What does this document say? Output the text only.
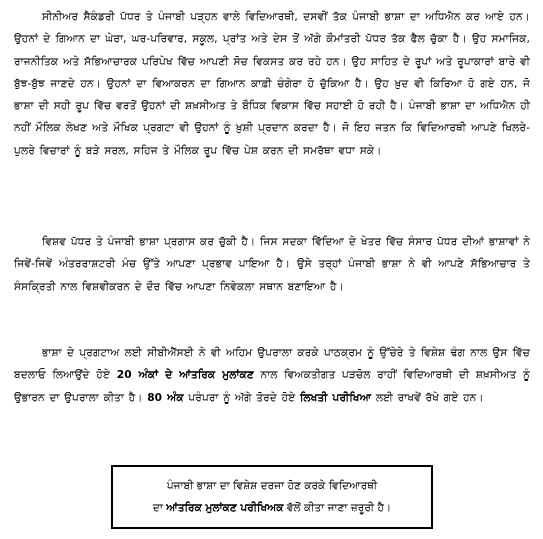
ਸੀਨੀਅਰ ਸੈਕੰਡਰੀ ਪੱਧਰ ਤੇ ਪੰਜਾਬੀ ਪੜ੍ਹਨ ਵਾਲੇ ਵਿਦਿਆਰਥੀ, ਦਸਵੀਂ ਤੱਕ ਪੰਜਾਬੀ ਭਾਸ਼ਾ ਦਾ ਅਧਿਐਨ ਕਰ ਆਏ ਹਨ। ਉਹਨਾਂ ਦੇ ਗਿਆਨ ਦਾ ਘੇਰਾ, ਘਰ-ਪਰਿਵਾਰ, ਸਕੂਲ, ਪ੍ਰਾਂਤ ਅਤੇ ਦੇਸ ਤੋਂ ਅੱਗੇ ਕੌਮਾਂਤਰੀ ਪੱਧਰ ਤੱਕ ਫੈਲ ਚੁੱਕਾ ਹੈ। ਉਹ ਸਮਾਜਿਕ, ਰਾਜਨੀਤਿਕ ਅਤੇ ਸੱਭਿਆਚਾਰਕ ਪਰਿਪੇਖ ਵਿੱਚ ਆਪਣੀ ਸੋਚ ਵਿਕਸਤ ਕਰ ਰਹੇ ਹਨ। ਉਹ ਸਾਹਿਤ ਦੇ ਰੂਪਾਂ ਅਤੇ ਰੂਪਾਕਾਰਾਂ ਬਾਰੇ ਵੀ ਬੁੱਝ-ਬੁੱਝ ਜਾਣਦੇ ਹਨ। ਉਹਨਾਂ ਦਾ ਵਿਆਕਰਨ ਦਾ ਗਿਆਨ ਕਾਫ਼ੀ ਚੰਗੇਰਾ ਹੋ ਚੁੱਕਿਆ ਹੈ। ਉਹ ਖ਼ੁਦ ਵੀ ਕਿਰਿਆ ਹੋ ਗਏ ਹਨ, ਜੋ ਭਾਸ਼ਾ ਦੀ ਸਹੀ ਰੂਪ ਵਿੱਚ ਵਰਤੋਂ ਉਹਨਾਂ ਦੀ ਸ਼ਖ਼ਸੀਅਤ ਤੇ ਬੌਧਿਕ ਵਿਕਾਸ ਵਿੱਚ ਸਹਾਈ ਹੋ ਰਹੀ ਹੈ। ਪੰਜਾਬੀ ਭਾਸ਼ਾ ਦਾ ਅਧਿਐਨ ਹੀ ਨਹੀਂ ਮੌਲਿਕ ਲੇਖਣ ਅਤੇ ਮੌਖਿਕ ਪ੍ਰਗਟਾ ਵੀ ਉਹਨਾਂ ਨੂੰ ਖ਼ੁਸ਼ੀ ਪ੍ਰਦਾਨ ਕਰਦਾ ਹੈ। ਜੋ ਇਹ ਜਤਨ ਕਿ ਵਿਦਿਆਰਥੀ ਆਪਣੇ ਖਿਲਰੇ-ਪੁਲਰੇ ਵਿਚਾਰਾਂ ਨੂੰ ਬੜੇ ਸਰਲ, ਸਹਿਜ ਤੇ ਮੌਲਿਕ ਰੂਪ ਵਿੱਚ ਪੇਸ਼ ਕਰਨ ਦੀ ਸਮਰੱਥਾ ਵਧਾ ਸਕੇ।

ਵਿਸ਼ਵ ਪੱਧਰ ਤੇ ਪੰਜਾਬੀ ਭਾਸ਼ਾ ਪ੍ਰਗਾਸ ਕਰ ਚੁੱਕੀ ਹੈ। ਜਿਸ ਸਦਕਾ ਵਿੱਦਿਆ ਦੇ ਖੇਤਰ ਵਿੱਚ ਸੰਸਾਰ ਪੱਧਰ ਦੀਆਂ ਭਾਸ਼ਾਵਾਂ ਨੇ ਜਿਵੇਂ-ਜਿਵੇਂ ਅੰਤਰਰਾਸ਼ਟਰੀ ਮੰਚ ਉੱਤੇ ਆਪਣਾ ਪ੍ਰਭਾਵ ਪਾਇਆ ਹੈ। ਉਸੇ ਤਰ੍ਹਾਂ ਪੰਜਾਬੀ ਭਾਸ਼ਾ ਨੇ ਵੀ ਆਪਣੇ ਸੱਭਿਆਚਾਰ ਤੇ ਸੰਸਕ੍ਰਿਤੀ ਨਾਲ ਵਿਸ਼ਵੀਕਰਨ ਦੇ ਦੌਰ ਵਿੱਚ ਆਪਣਾ ਨਿਵੇਕਲਾ ਸਥਾਨ ਬਣਾਇਆ ਹੈ।

ਭਾਸ਼ਾ ਦੇ ਪ੍ਰਗਟਾਅ ਲਈ ਸੀਬੀਐੱਸਈ ਨੇ ਵੀ ਅਹਿਮ ਉਪਰਾਲਾ ਕਰਕੇ ਪਾਠਕ੍ਰਮ ਨੂੰ ਉੱਚੇਰੇ ਤੇ ਵਿਸ਼ੇਸ਼ ਢੰਗ ਨਾਲ ਉਸ ਵਿੱਚ ਬਦਲਾਓ ਲਿਆਉਂਦੇ ਹੋਏ 20 ਅੰਕਾਂ ਦੇ ਆਂਤਰਿਕ ਮੁਲਾਂਕਣ ਨਾਲ ਵਿਅਕਤੀਗਤ ਪੜਚੋਲ ਰਾਹੀਂ ਵਿਦਿਆਰਥੀ ਦੀ ਸ਼ਖ਼ਸੀਅਤ ਨੂੰ ਉਭਾਰਨ ਦਾ ਉਪਰਾਲਾ ਕੀਤਾ ਹੈ। 80 ਅੰਕ ਪਰੰਪਰਾ ਨੂੰ ਅੱਗੇ ਤੋਰਦੇ ਹੋਏ ਲਿਖਤੀ ਪਰੀਖਿਆ ਲਈ ਰਾਖਵੇਂ ਰੱਖੇ ਗਏ ਹਨ।

ਪੰਜਾਬੀ ਭਾਸ਼ਾ ਦਾ ਵਿਸ਼ੇਸ਼ ਦਰਜਾ ਹੋਣ ਕਰਕੇ ਵਿਦਿਆਰਥੀ
ਦਾ ਆਂਤਰਿਕ ਮੁਲਾਂਕਣ ਪਰੀਖਿਅਕ ਵੱਲੋਂ ਕੀਤਾ ਜਾਣਾ ਜ਼ਰੂਰੀ ਹੈ।
